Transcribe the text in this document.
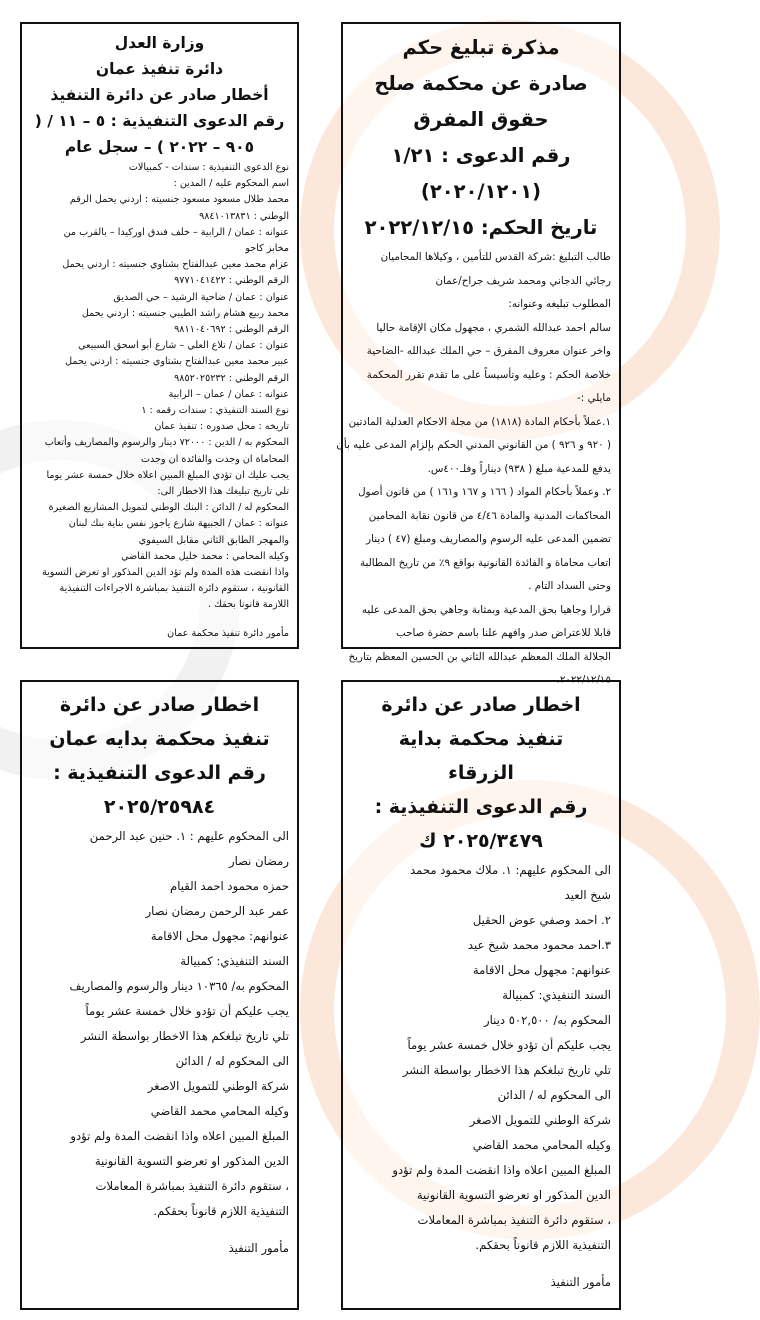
وزارة العدل
دائرة تنفيذ عمان
أخطار صادر عن دائرة التنفيذ
رقم الدعوى التنفيذية : ٥ – ١١ / (
٩٠٥ – ٢٠٢٢ ) – سجل عام
نوع الدعوى التنفيذية : سندات - كمبيالات
اسم المحكوم عليه / المدين :
محمد طلال مسعود مسعود جنسيته : اردني يحمل الرقم
الوطني : ٩٨٤١٠١٣٨٣١
عنوانه : عمان / الرابية – خلف فندق اوركيدا – بالقرب من
مخابز كاجو
عزام محمد معين عبدالفتاح بشتاوي جنسيته : اردني يحمل
الرقم الوطني : ٩٧٧١٠٤١٤٢٢
عنوان : عمان / ضاحية الرشيد – حي الصديق
محمد ربيع هشام راشد الطيبي جنسيته : اردني يحمل
الرقم الوطني : ٩٨١١٠٤٠٦٩٢
عنوان : عمان / تلاع العلي – شارع أبو اسحق السبيعي
عبير محمد معين عبدالفتاح بشتاوي جنسيته : اردني يحمل
الرقم الوطني : ٩٨٥٢٠٢٥٢٣٢
عنوانه : عمان / عمان – الرابية
نوع السند التنفيذي : سندات رقمه : ١
تاريخه : محل صدوره : تنفيذ عمان
المحكوم به / الدين : ٧٢٠٠٠ دينار والرسوم والمصاريف وأتعاب
المحاماة ان وجدت والفائدة ان وجدت
يجب عليك ان تؤدي المبلغ المبين اعلاه خلال خمسة عشر يوما
تلي تاريخ تبليغك هذا الاخطار الى:
المحكوم له / الدائن : البنك الوطني لتمويل المشاريع الصغيرة
عنوانه : عمان / الجبيهة شارع ياجوز نفس بناية بنك لبنان
والمهجر الطابق الثاني مقابل السيفوي
وكيله المحامي : محمد خليل محمد القاضي
واذا انقضت هذه المدة ولم تؤد الدين المذكور او تعرض التسوية
القانونية ، ستقوم دائرة التنفيذ بمباشرة الاجراءات التنفيذية
اللازمة قانونا بحقك .
مأمور دائرة تنفيذ محكمة عمان
مذكرة تبليغ حكم
صادرة عن محكمة صلح
حقوق المفرق
رقم الدعوى : ١/٢١
(٢٠٢٠/١٢٠١)
تاريخ الحكم: ٢٠٢٢/١٢/١٥
طالب التبليغ :شركة القدس للتأمين ، وكيلاها المحاميان
رجائي الدجاني ومحمد شريف جراح/عمان
المطلوب تبليغه وعنوانه:
سالم احمد عبدالله الشمري ، مجهول مكان الإقامة حاليا
واخر عنوان معروف المفرق – حي الملك عبدالله -الضاحية
خلاصة الحكم : وعليه وتأسيساً على ما تقدم تقرر المحكمة
مايلي :-
١.عملاً بأحكام المادة (١٨١٨) من مجلة الاحكام العدلية المادتين
( ٩٢٠ و ٩٢٦ ) من القانوني المدني الحكم بإلزام المدعى عليه بأن
يدفع للمدعية مبلغ ( ٩٣٨) ديناراً وفلـ٤٠٠س.
٢. وعملاً بأحكام المواد ( ١٦٦ و ١٦٧ و١٦١ ) من قانون أصول
المحاكمات المدنية والمادة ٤/٤٦ من قانون نقابة المحامين
تضمين المدعى عليه الرسوم والمصاريف ومبلغ (٤٧ ) دينار
اتعاب محاماة و الفائدة القانونية بواقع ٩٪ من تاريخ المطالبة
وحتى السداد التام .
قرارا وجاهيا بحق المدعية وبمثابة وجاهي بحق المدعى عليه
قابلا للاعتراض صدر وافهم علنا باسم حضرة صاحب
الجلالة الملك المعظم عبدالله الثاني بن الحسين المعظم بتاريخ
اخطار صادر عن دائرة
تنفيذ محكمة بدايه عمان
رقم الدعوى التنفيذية :
٢٠٢٥/٢٥٩٨٤
الى المحكوم عليهم : ١. حنين عبد الرحمن
رمضان نصار
حمزه محمود احمد القيام
عمر عبد الرحمن رمضان نصار
عنوانهم: مجهول محل الاقامة
السند التنفيذي: كمبيالة
المحكوم به/ ١٠٣٦٥ دينار والرسوم والمصاريف
يجب عليكم أن تؤدو خلال خمسة عشر يوماً
تلي تاريخ تبلغكم هذا الاخطار بواسطة النشر
الى المحكوم له / الدائن
شركة الوطني للتمويل الاصغر
وكيله المحامي محمد القاضي
المبلغ المبين اعلاه واذا انقضت المدة ولم تؤدو
الدين المذكور او تعرضو التسوية القانونية
، ستقوم دائرة التنفيذ بمباشرة المعاملات
التنفيذية اللازم قانوناً بحقكم.
مأمور التنفيذ
اخطار صادر عن دائرة
تنفيذ محكمة بداية
الزرقاء
رقم الدعوى التنفيذية :
٢٠٢٥/٣٤٧٩ ك
الى المحكوم عليهم: ١. ملاك محمود محمد
شيخ العيد
٢. احمد وصفي عوض الحقيل
٣.احمد محمود محمد شيخ عيد
عنوانهم: مجهول محل الاقامة
السند التنفيذي: كمبيالة
المحكوم به/ ٥٠٢,٥٠٠ دينار
يجب عليكم أن تؤدو خلال خمسة عشر يوماً
تلي تاريخ تبلغكم هذا الاخطار بواسطة النشر
الى المحكوم له / الدائن
شركة الوطني للتمويل الاصغر
وكيله المحامي محمد القاضي
المبلغ المبين اعلاه واذا انقضت المدة ولم تؤدو
الدين المذكور او تعرضو التسوية القانونية
، ستقوم دائرة التنفيذ بمباشرة المعاملات
التنفيذية اللازم قانوناً بحقكم.
مأمور التنفيذ
